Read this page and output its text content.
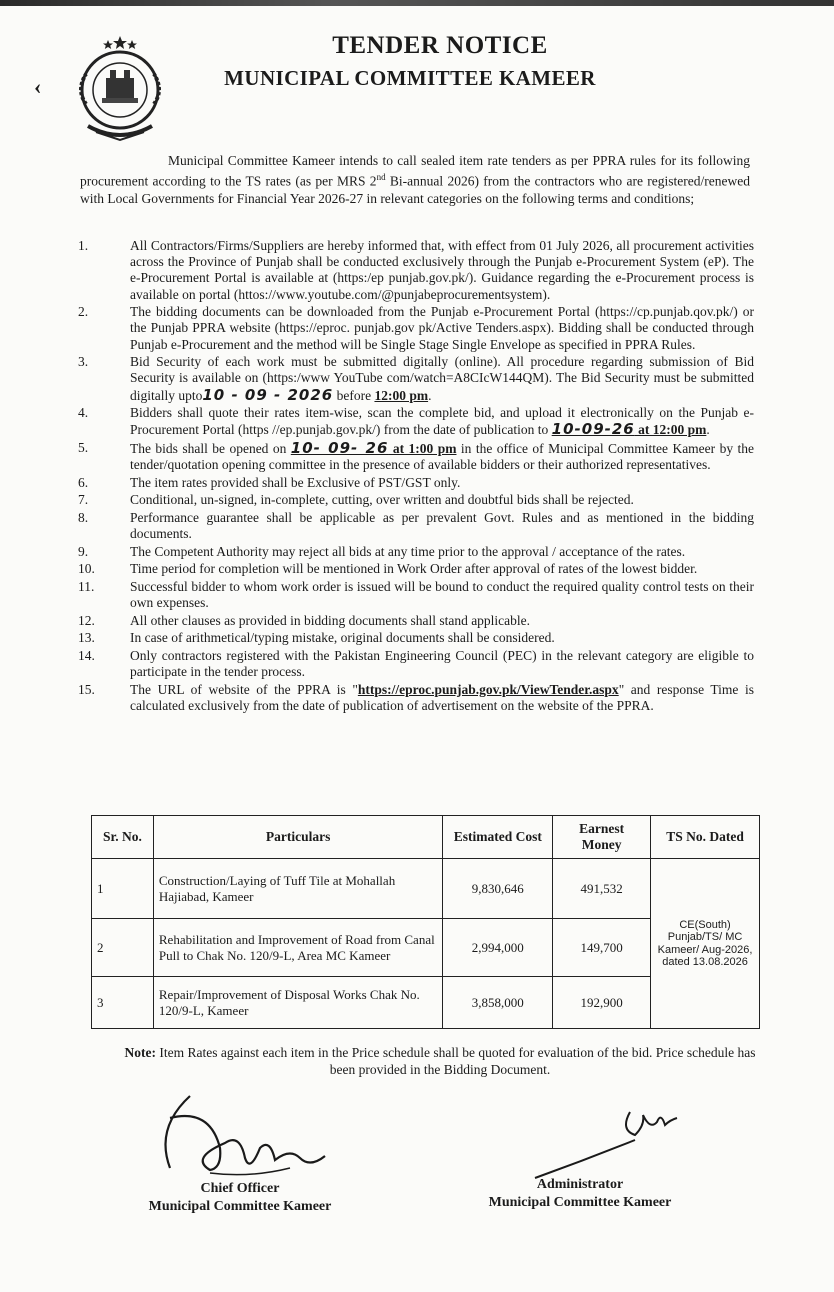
‹
TENDER NOTICE
MUNICIPAL COMMITTEE KAMEER

Municipal Committee Kameer intends to call sealed item rate tenders as per PPRA rules for its following procurement according to the TS rates (as per MRS 2nd Bi-annual 2026) from the contractors who are registered/renewed with Local Governments for Financial Year 2026-27 in relevant categories on the following terms and conditions;

1.	All Contractors/Firms/Suppliers are hereby informed that, with effect from 01 July 2026, all procurement activities across the Province of Punjab shall be conducted exclusively through the Punjab e-Procurement System (eP). The e-Procurement Portal is available at (https:/ep punjab.gov.pk/). Guidance regarding the e-Procurement process is available on portal (httos://www.youtube.com/@punjabeprocurementsystem).
2.	The bidding documents can be downloaded from the Punjab e-Procurement Portal (https://cp.punjab.qov.pk/) or the Punjab PPRA website (https://eproc. punjab.gov pk/Active Tenders.aspx). Bidding shall be conducted through Punjab e-Procurement and the method will be Single Stage Single Envelope as specified in PPRA Rules.
3.	Bid Security of each work must be submitted digitally (online). All procedure regarding submission of Bid Security is available on (https:/www YouTube com/watch=A8CIcW144QM). The Bid Security must be submitted digitally upto10 - 09 - 2026 before 12:00 pm.
4.	Bidders shall quote their rates item-wise, scan the complete bid, and upload it electronically on the Punjab e-Procurement Portal (https //ep.punjab.gov.pk/) from the date of publication to 10-09-26 at 12:00 pm.
5.	The bids shall be opened on 10- 09- 26 at 1:00 pm in the office of Municipal Committee Kameer by the tender/quotation opening committee in the presence of available bidders or their authorized representatives.
6.	The item rates provided shall be Exclusive of PST/GST only.
7.	Conditional, un-signed, in-complete, cutting, over written and doubtful bids shall be rejected.
8.	Performance guarantee shall be applicable as per prevalent Govt. Rules and as mentioned in the bidding documents.
9.	The Competent Authority may reject all bids at any time prior to the approval / acceptance of the rates.
10.	Time period for completion will be mentioned in Work Order after approval of rates of the lowest bidder.
11.	Successful bidder to whom work order is issued will be bound to conduct the required quality control tests on their own expenses.
12.	All other clauses as provided in bidding documents shall stand applicable.
13.	In case of arithmetical/typing mistake, original documents shall be considered.
14.	Only contractors registered with the Pakistan Engineering Council (PEC) in the relevant category are eligible to participate in the tender process.
15.	The URL of website of the PPRA is "https://eproc.punjab.gov.pk/ViewTender.aspx" and response Time is calculated exclusively from the date of publication of advertisement on the website of the PPRA.
Sr. No.	Particulars	Estimated Cost	Earnest Money	TS No. Dated
1	Construction/Laying of Tuff Tile at Mohallah Hajiabad, Kameer	9,830,646	491,532	CE(South) Punjab/TS/ MC Kameer/ Aug-2026, dated 13.08.2026
2	Rehabilitation and Improvement of Road from Canal Pull to Chak No. 120/9-L, Area MC Kameer	2,994,000	149,700	
3	Repair/Improvement of Disposal Works Chak No. 120/9-L, Kameer	3,858,000	192,900	

Note: Item Rates against each item in the Price schedule shall be quoted for evaluation of the bid. Price schedule has been provided in the Bidding Document.

Chief Officer
Municipal Committee Kameer
Administrator
Municipal Committee Kameer
